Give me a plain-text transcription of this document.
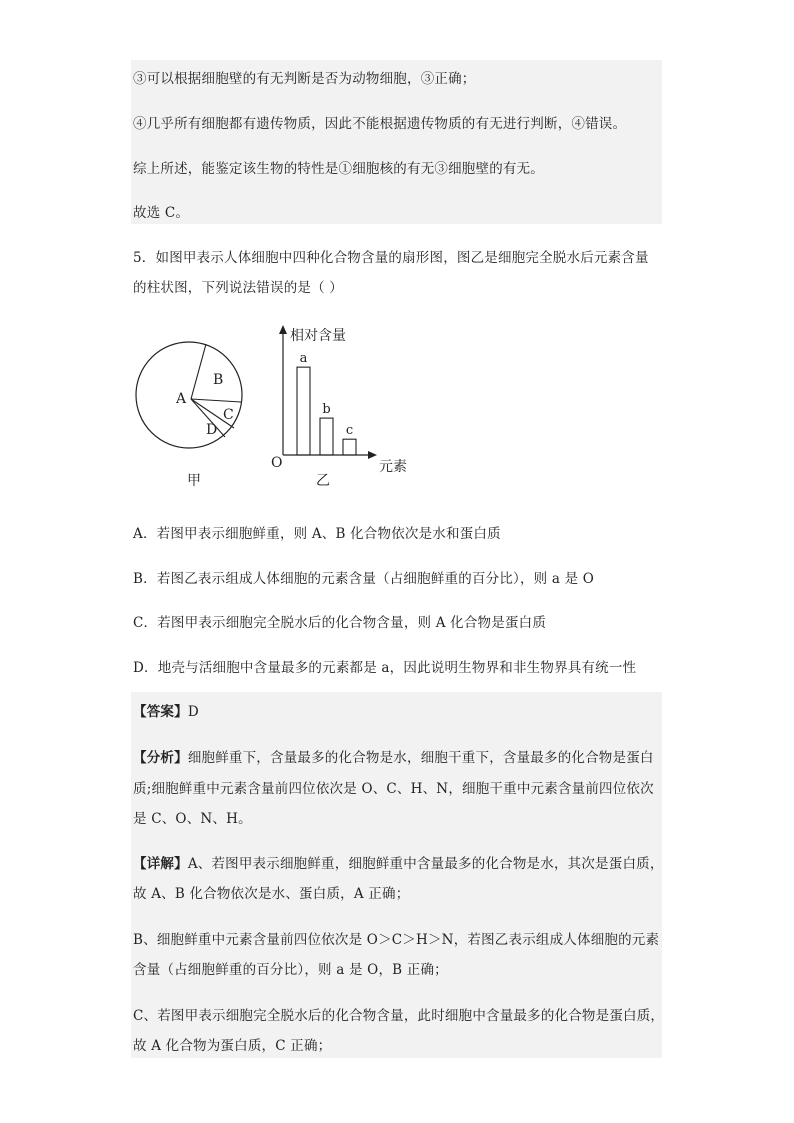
③可以根据细胞壁的有无判断是否为动物细胞，③正确；
④几乎所有细胞都有遗传物质，因此不能根据遗传物质的有无进行判断，④错误。
综上所述，能鉴定该生物的特性是①细胞核的有无③细胞壁的有无。
故选 C。
5．如图甲表示人体细胞中四种化合物含量的扇形图，图乙是细胞完全脱水后元素含量
的柱状图，下列说法错误的是（ ）
A
B
C
D
甲
相对含量
元素
O
乙
a
b
c
A．若图甲表示细胞鲜重，则 A、B 化合物依次是水和蛋白质
B．若图乙表示组成人体细胞的元素含量（占细胞鲜重的百分比），则 a 是 O
C．若图甲表示细胞完全脱水后的化合物含量，则 A 化合物是蛋白质
D．地壳与活细胞中含量最多的元素都是 a，因此说明生物界和非生物界具有统一性
【答案】D
【分析】细胞鲜重下，含量最多的化合物是水，细胞干重下，含量最多的化合物是蛋白
质;细胞鲜重中元素含量前四位依次是 O、C、H、N，细胞干重中元素含量前四位依次
是 C、O、N、H。
【详解】A、若图甲表示细胞鲜重，细胞鲜重中含量最多的化合物是水，其次是蛋白质，
故 A、B 化合物依次是水、蛋白质，A 正确；
B、细胞鲜重中元素含量前四位依次是 O＞C＞H＞N，若图乙表示组成人体细胞的元素
含量（占细胞鲜重的百分比），则 a 是 O，B 正确；
C、若图甲表示细胞完全脱水后的化合物含量，此时细胞中含量最多的化合物是蛋白质，
故 A 化合物为蛋白质，C 正确；
